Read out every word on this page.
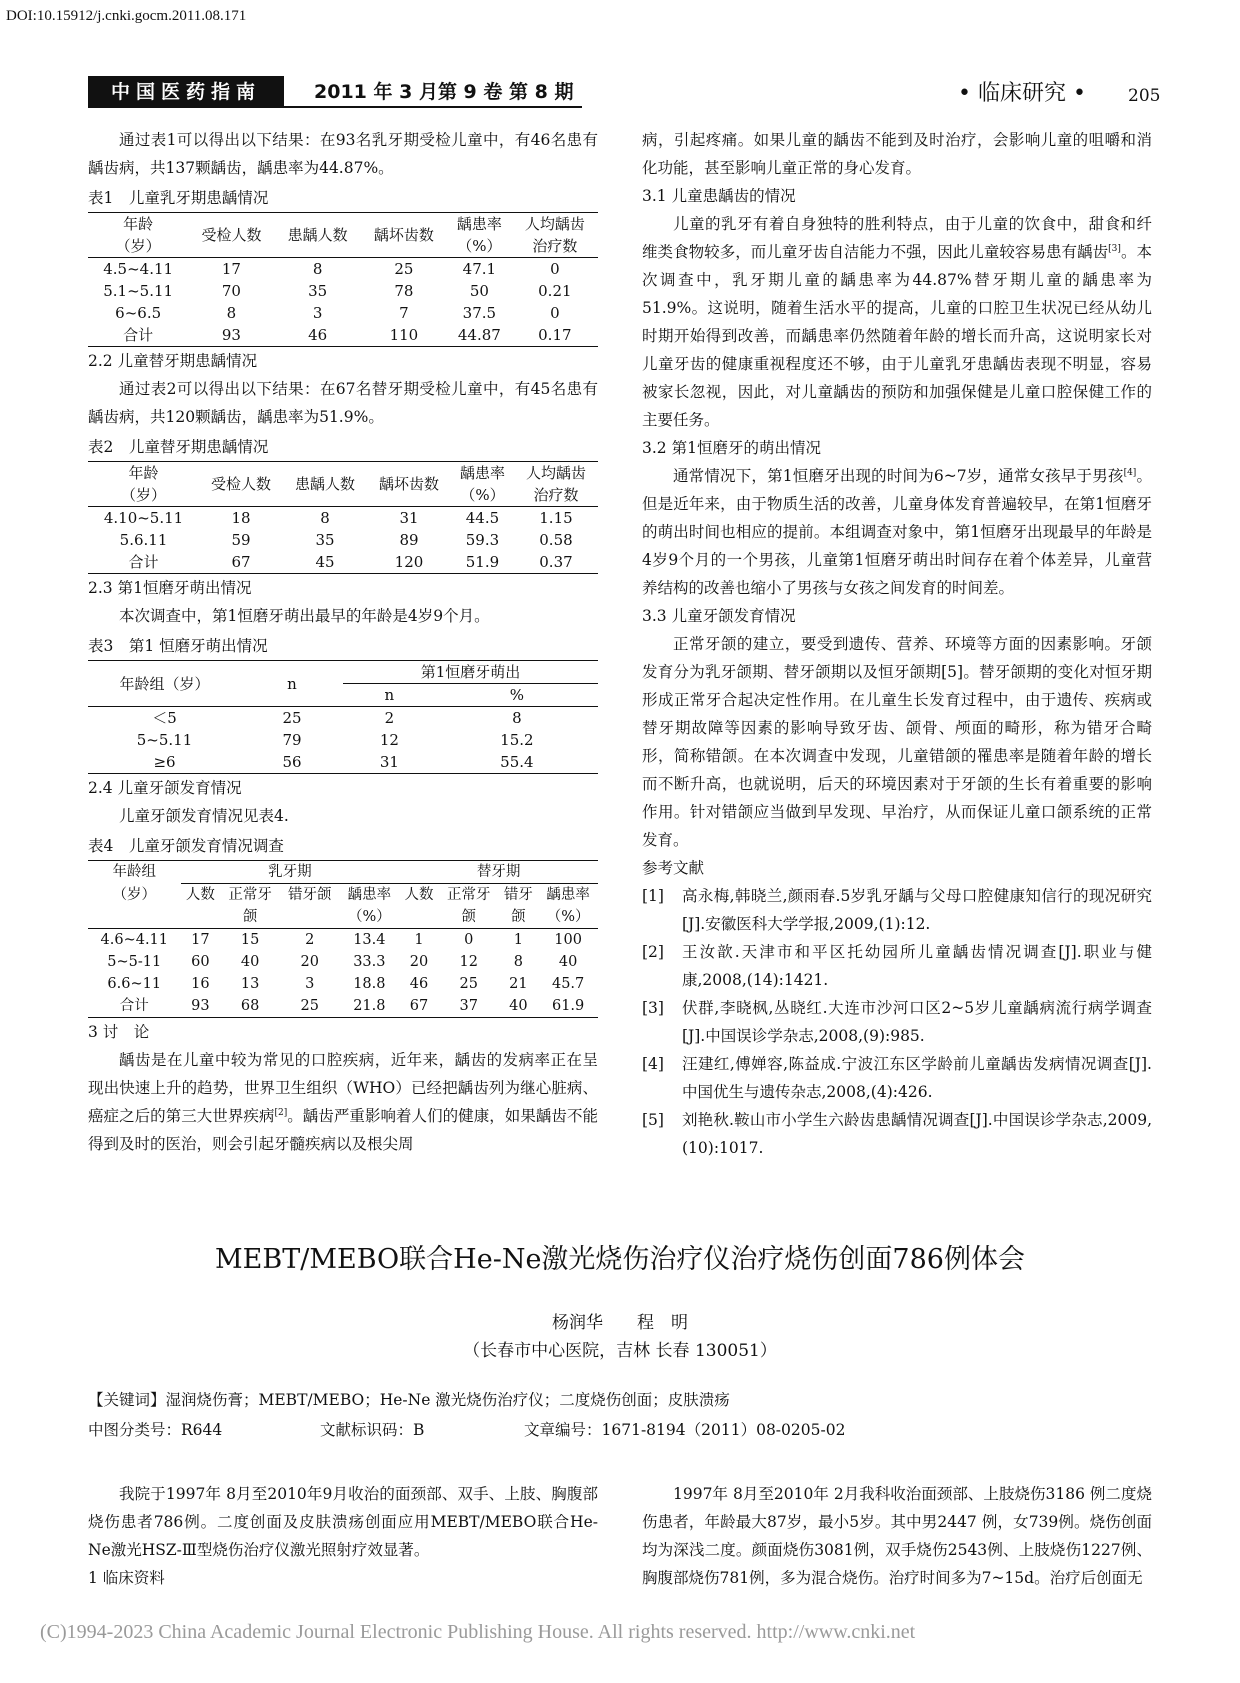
DOI:10.15912/j.cnki.gocm.2011.08.171
中国医药指南	2011 年 3 月第 9 卷 第 8 期	• 临床研究 • 205

通过表1可以得出以下结果：在93名乳牙期受检儿童中，有46名患有龋齿病，共137颗龋齿，龋患率为44.87%。

表1　儿童乳牙期患龋情况

年龄	受检人数	患龋人数	龋坏齿数	龋患率	人均龋齿
（岁）				（%）	治疗数
4.5~4.11	17	8	25	47.1	0
5.1~5.11	70	35	78	50	0.21
6~6.5	8	3	7	37.5	0
合计	93	46	110	44.87	0.17

2.2 儿童替牙期患龋情况

通过表2可以得出以下结果：在67名替牙期受检儿童中，有45名患有龋齿病，共120颗龋齿，龋患率为51.9%。

表2　儿童替牙期患龋情况

年龄	受检人数	患龋人数	龋坏齿数	龋患率	人均龋齿
（岁）				（%）	治疗数
4.10~5.11	18	8	31	44.5	1.15
5.6.11	59	35	89	59.3	0.58
合计	67	45	120	51.9	0.37

2.3 第1恒磨牙萌出情况

本次调查中，第1恒磨牙萌出最早的年龄是4岁9个月。

表3　第1 恒磨牙萌出情况

年龄组（岁）	n	第1恒磨牙萌出	
		n	%
＜5	25	2	8
5~5.11	79	12	15.2
≥6	56	31	55.4

2.4 儿童牙颌发育情况

儿童牙颌发育情况见表4.

表4　儿童牙颌发育情况调查

年龄组	乳牙期				替牙期			
（岁）	人数	正常牙	错牙颌	龋患率	人数	正常牙	错牙	龋患率
		颌		（%）		颌	颌	（%）
4.6~4.11	17	15	2	13.4	1	0	1	100
5~5-11	60	40	20	33.3	20	12	8	40
6.6~11	16	13	3	18.8	46	25	21	45.7
合计	93	68	25	21.8	67	37	40	61.9

3 讨　论

龋齿是在儿童中较为常见的口腔疾病，近年来，龋齿的发病率正在呈现出快速上升的趋势，世界卫生组织（WHO）已经把龋齿列为继心脏病、癌症之后的第三大世界疾病[2]。龋齿严重影响着人们的健康，如果龋齿不能得到及时的医治，则会引起牙髓疾病以及根尖周

病，引起疼痛。如果儿童的龋齿不能到及时治疗，会影响儿童的咀嚼和消化功能，甚至影响儿童正常的身心发育。

3.1 儿童患龋齿的情况

儿童的乳牙有着自身独特的胜利特点，由于儿童的饮食中，甜食和纤维类食物较多，而儿童牙齿自洁能力不强，因此儿童较容易患有龋齿[3]。本次调查中，乳牙期儿童的龋患率为44.87%替牙期儿童的龋患率为51.9%。这说明，随着生活水平的提高，儿童的口腔卫生状况已经从幼儿时期开始得到改善，而龋患率仍然随着年龄的增长而升高，这说明家长对儿童牙齿的健康重视程度还不够，由于儿童乳牙患龋齿表现不明显，容易被家长忽视，因此，对儿童龋齿的预防和加强保健是儿童口腔保健工作的主要任务。

3.2 第1恒磨牙的萌出情况

通常情况下，第1恒磨牙出现的时间为6~7岁，通常女孩早于男孩[4]。但是近年来，由于物质生活的改善，儿童身体发育普遍较早，在第1恒磨牙的萌出时间也相应的提前。本组调查对象中，第1恒磨牙出现最早的年龄是4岁9个月的一个男孩，儿童第1恒磨牙萌出时间存在着个体差异，儿童营养结构的改善也缩小了男孩与女孩之间发育的时间差。

3.3 儿童牙颌发育情况

正常牙颌的建立，要受到遗传、营养、环境等方面的因素影响。牙颌发育分为乳牙颌期、替牙颌期以及恒牙颌期[5]。替牙颌期的变化对恒牙期形成正常牙合起决定性作用。在儿童生长发育过程中，由于遗传、疾病或替牙期故障等因素的影响导致牙齿、颌骨、颅面的畸形，称为错牙合畸形，简称错颌。在本次调查中发现，儿童错颌的罹患率是随着年龄的增长而不断升高，也就说明，后天的环境因素对于牙颌的生长有着重要的影响作用。针对错颌应当做到早发现、早治疗，从而保证儿童口颌系统的正常发育。

参考文献

[1]	高永梅,韩晓兰,颜雨春.5岁乳牙龋与父母口腔健康知信行的现况研究[J].安徽医科大学学报,2009,(1):12.
[2]	王汝歆.天津市和平区托幼园所儿童龋齿情况调查[J].职业与健康,2008,(14):1421.
[3]	伏群,李晓枫,丛晓红.大连市沙河口区2~5岁儿童龋病流行病学调查[J].中国误诊学杂志,2008,(9):985.
[4]	汪建红,傅婵容,陈益成.宁波江东区学龄前儿童龋齿发病情况调查[J].中国优生与遗传杂志,2008,(4):426.
[5]	刘艳秋.鞍山市小学生六龄齿患龋情况调查[J].中国误诊学杂志,2009,(10):1017.
MEBT/MEBO联合He-Ne激光烧伤治疗仪治疗烧伤创面786例体会
杨润华　　程　明
（长春市中心医院，吉林 长春 130051）
【关键词】湿润烧伤膏；MEBT/MEBO；He-Ne 激光烧伤治疗仪；二度烧伤创面；皮肤溃疡
中图分类号：R644	文献标识码：B	文章编号：1671-8194（2011）08-0205-02

我院于1997年 8月至2010年9月收治的面颈部、双手、上肢、胸腹部烧伤患者786例。二度创面及皮肤溃疡创面应用MEBT/MEBO联合He-Ne激光HSZ-Ⅲ型烧伤治疗仪激光照射疗效显著。

1 临床资料

1997年 8月至2010年 2月我科收治面颈部、上肢烧伤3186 例二度烧伤患者，年龄最大87岁，最小5岁。其中男2447 例，女739例。烧伤创面均为深浅二度。颜面烧伤3081例，双手烧伤2543例、上肢烧伤1227例、胸腹部烧伤781例，多为混合烧伤。治疗时间多为7~15d。治疗后创面无

(C)1994-2023 China Academic Journal Electronic Publishing House. All rights reserved. http://www.cnki.net
